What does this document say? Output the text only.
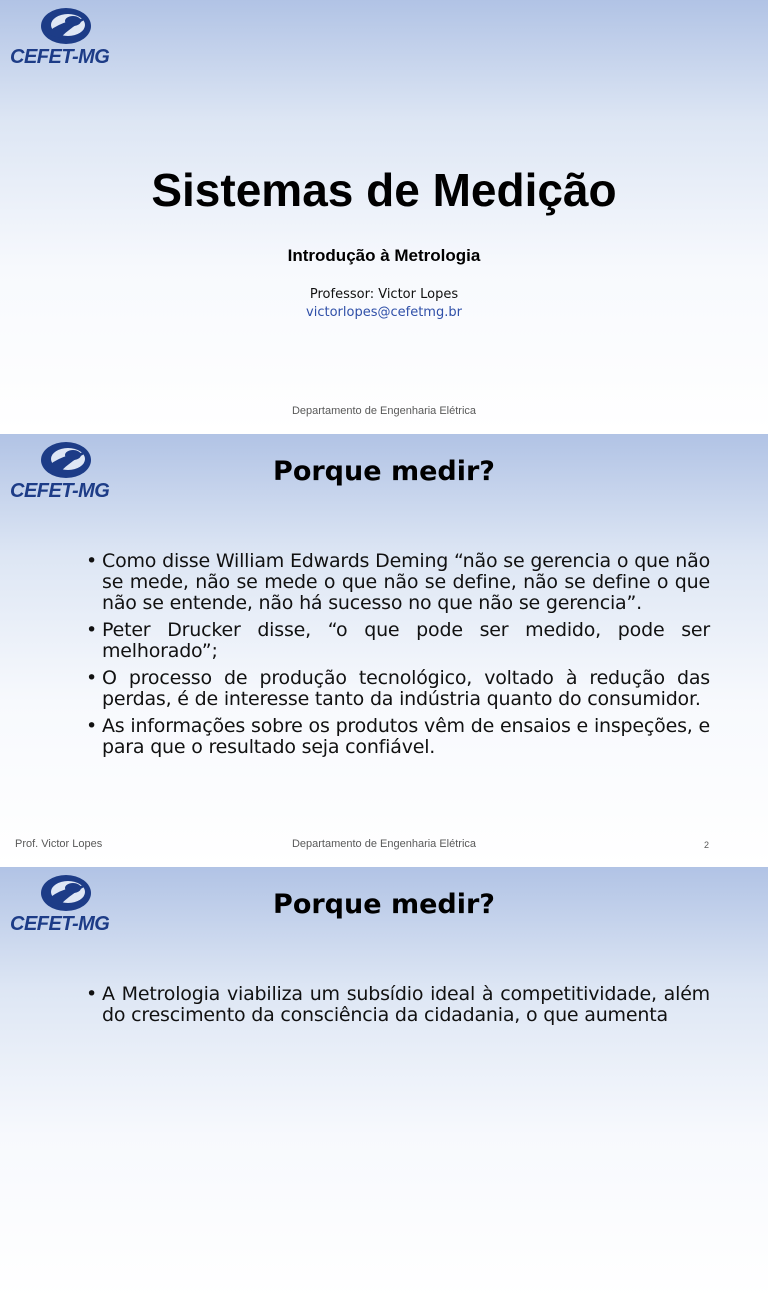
CEFET-MG
Sistemas de Medição
Introdução à Metrologia
Professor: Victor Lopes
victorlopes@cefetmg.br
Departamento de Engenharia Elétrica
CEFET-MG
Porque medir?
• Como disse William Edwards Deming “não se gerencia o que não se mede, não se mede o que não se define, não se define o que não se entende, não há sucesso no que não se gerencia”.
• Peter Drucker disse, “o que pode ser medido, pode ser melhorado”;
• O processo de produção tecnológico, voltado à redução das perdas, é de interesse tanto da indústria quanto do consumidor.
• As informações sobre os produtos vêm de ensaios e inspeções, e para que o resultado seja confiável.
Prof. Victor Lopes	Departamento de Engenharia Elétrica	2
CEFET-MG
Porque medir?
• A Metrologia viabiliza um subsídio ideal à competitividade, além do crescimento da consciência da cidadania, o que aumenta
